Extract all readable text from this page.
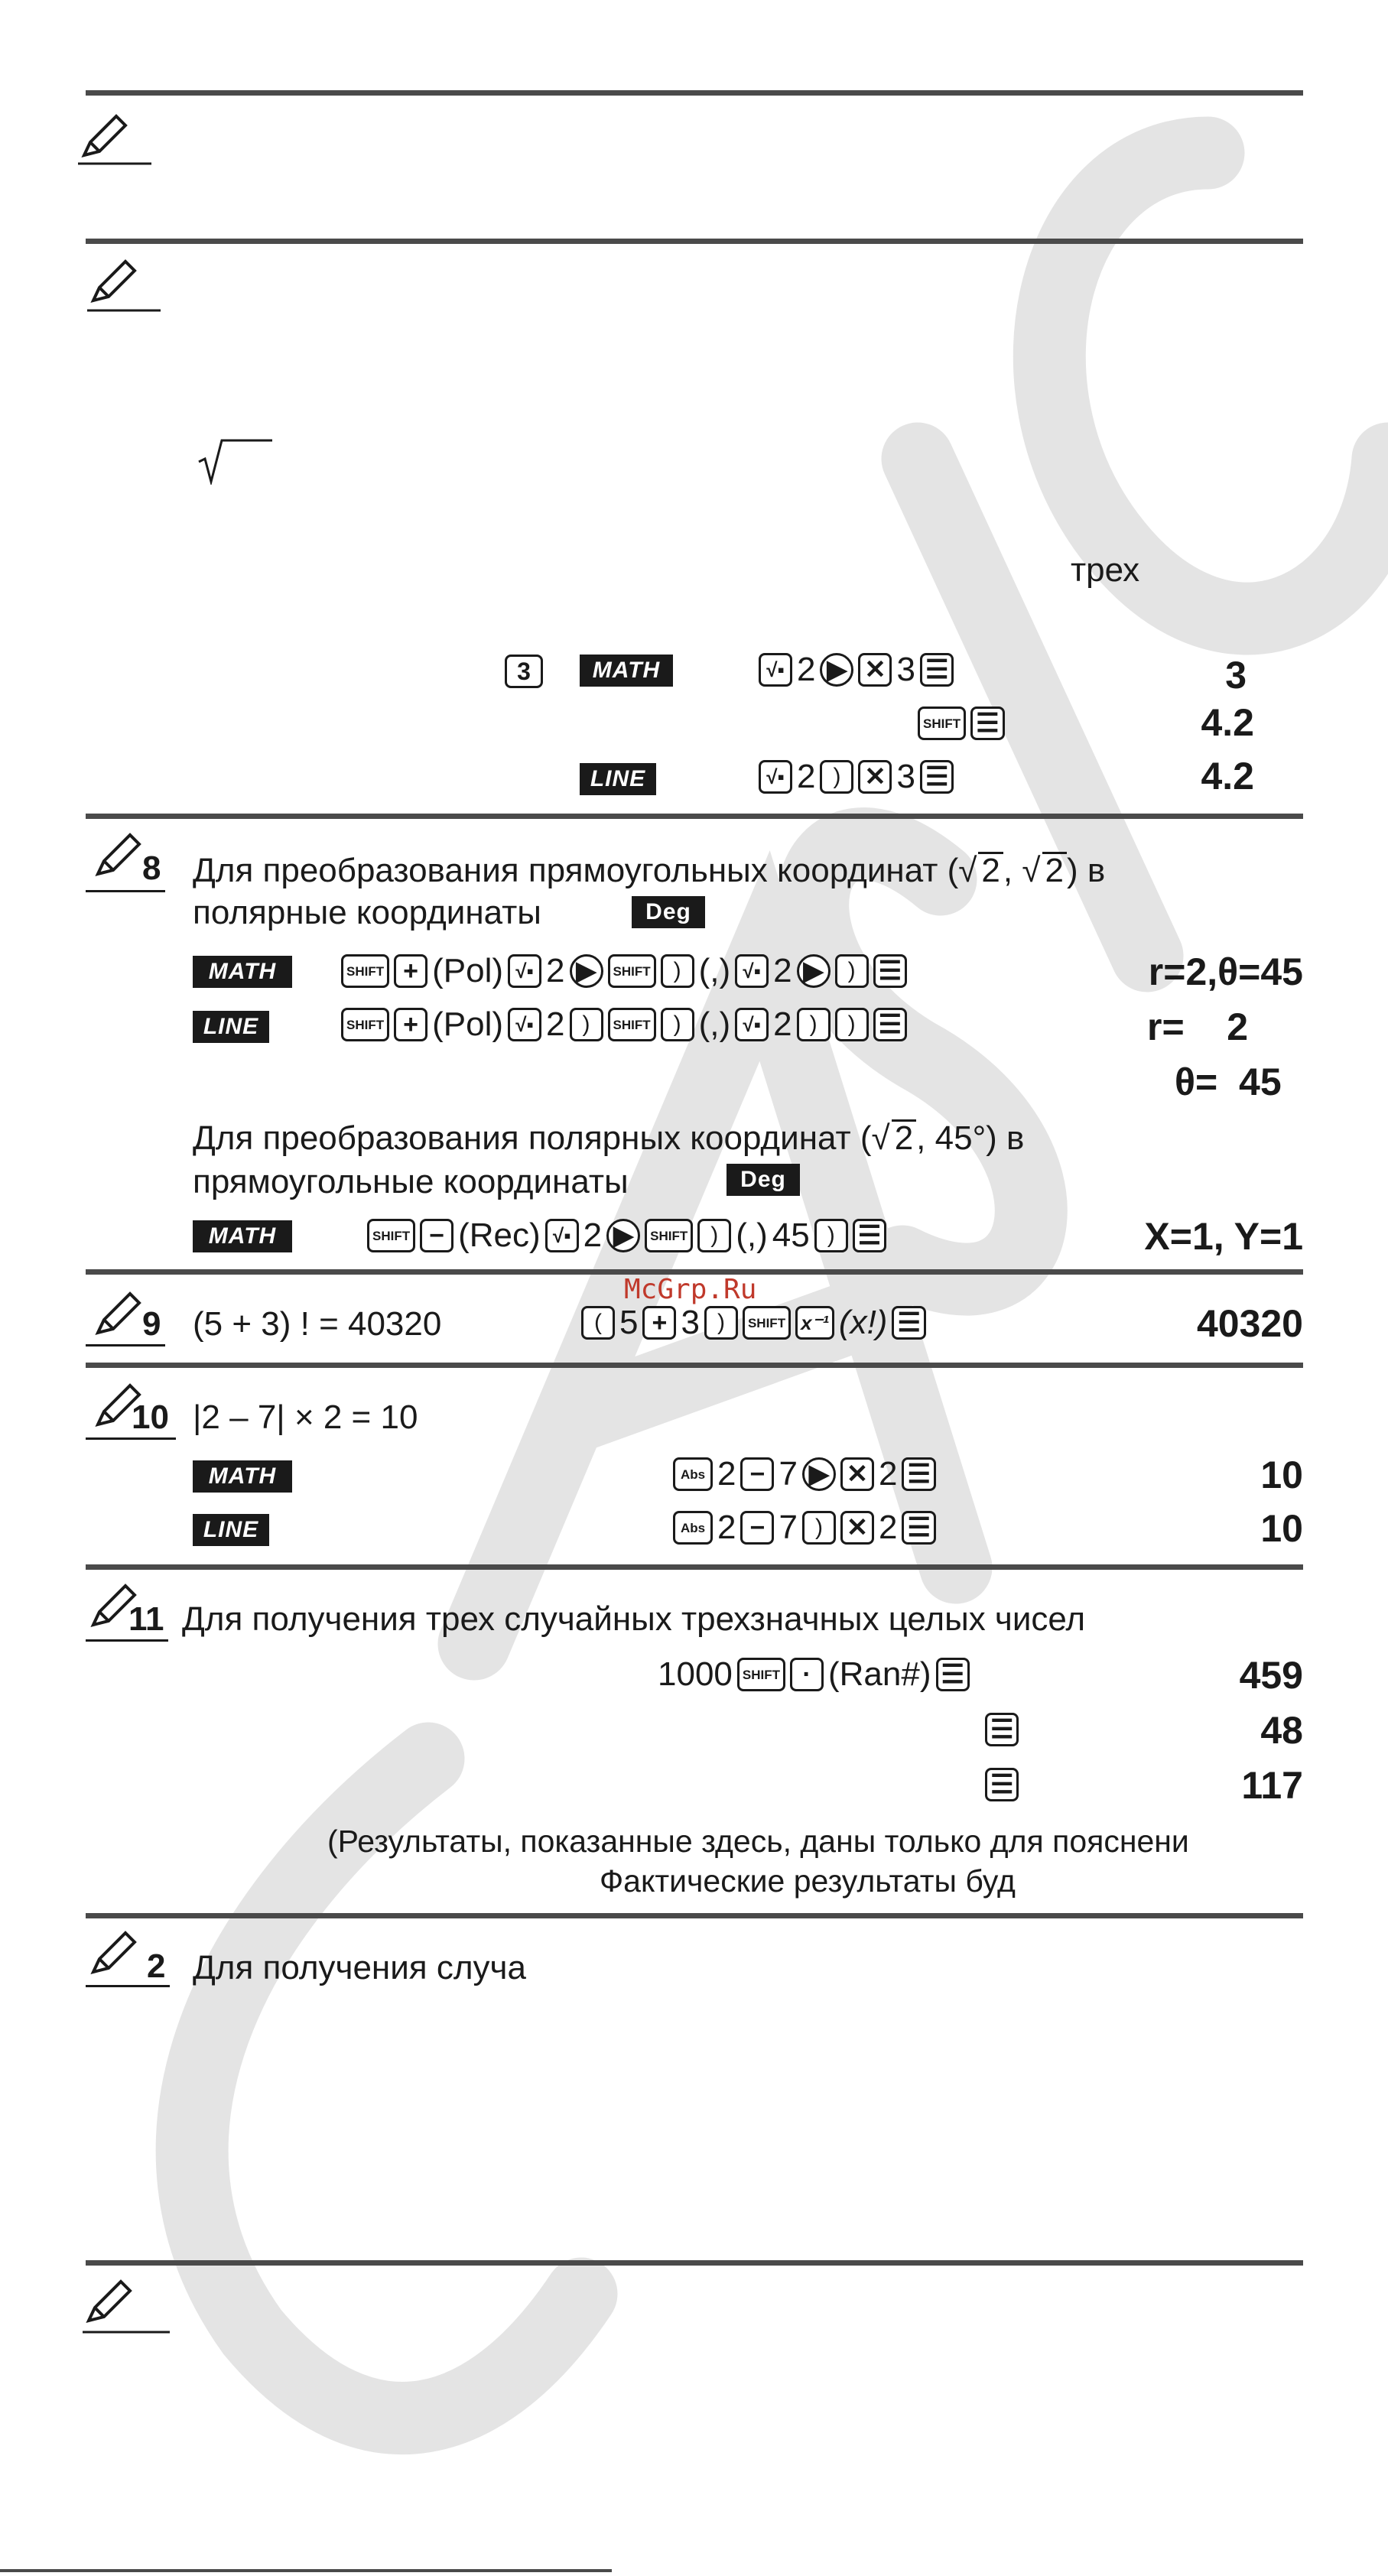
трех
3	MATH	√▪ 2 ▶ ✕ 3 ☰	3
SHIFT ☰	4.2
LINE	√▪ 2 ) ✕ 3 ☰	4.2
8 Для преобразования прямоугольных координат (√ 2 , √ 2 ) в
полярные координаты	Deg
MATH	SHIFT + (Pol) √▪ 2 ▶	SHIFT	) (,) √▪ 2 ▶	) ☰	r=2,θ=45
LINE	SHIFT + (Pol) √▪ 2 )	SHIFT	) (,) √▪ 2 )	) ☰	r=    2
θ=  45
Для преобразования полярных координат (√ 2 , 45°) в
прямоугольные координаты	Deg
MATH	SHIFT − (Rec) √▪ 2 ▶	SHIFT	) (,) 45 ) ☰	X=1, Y=1
McGrp.Ru
9 (5 + 3) ! = 40320	( 5 + 3 )	SHIFT x⁻¹ (x!) ☰	40320
10 |2 – 7| × 2 = 10
MATH	Abs 2 − 7 ▶ ✕ 2 ☰	10
LINE	Abs 2 − 7 ) ✕ 2 ☰	10
11 Для получения трех случайных трехзначных целых чисел
1000 SHIFT · (Ran#) ☰	459
☰	48
☰	117
(Результаты, показанные здесь, даны только для пояснени
Фактические результаты буд
2 Для получения случа
